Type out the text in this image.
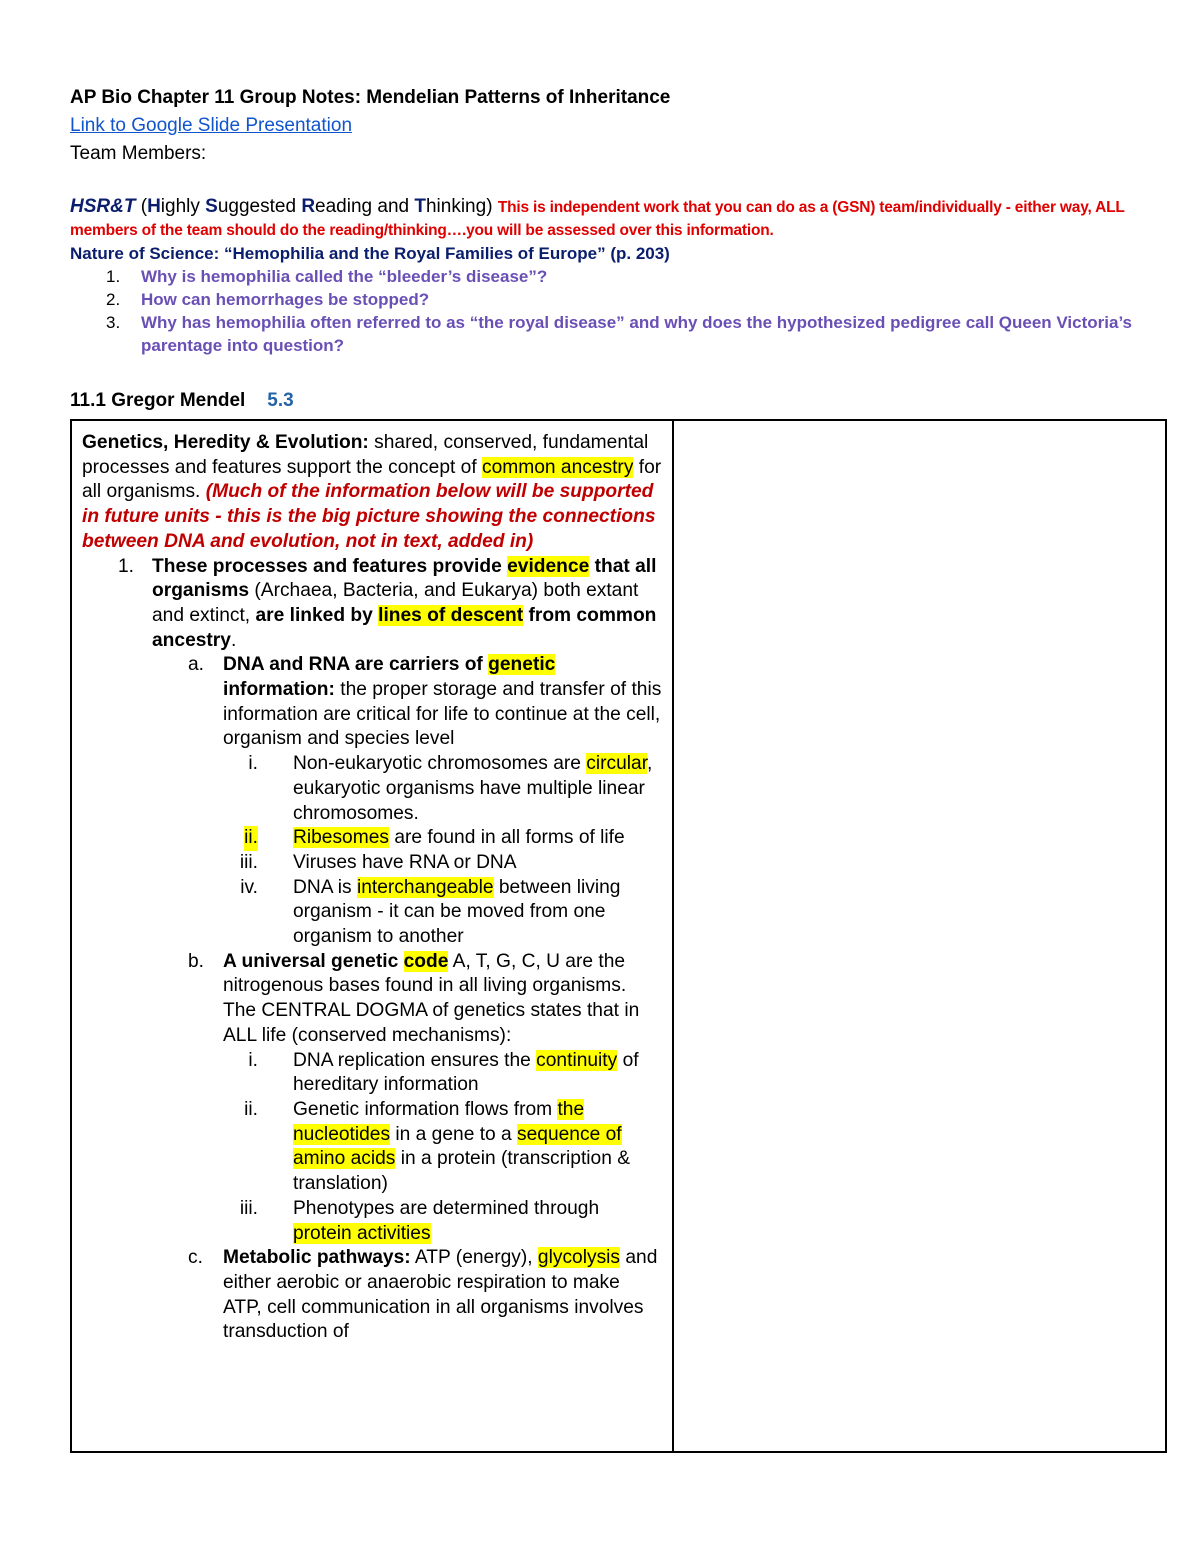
AP Bio Chapter 11 Group Notes: Mendelian Patterns of Inheritance
Link to Google Slide Presentation
Team Members:
HSR&T (Highly Suggested Reading and Thinking) This is independent work that you can do as a (GSN) team/individually - either way, ALL members of the team should do the reading/thinking….you will be assessed over this information.
Nature of Science: “Hemophilia and the Royal Families of Europe” (p. 203)
1. Why is hemophilia called the “bleeder’s disease”?
2. How can hemorrhages be stopped?
3. Why has hemophilia often referred to as “the royal disease” and why does the hypothesized pedigree call Queen Victoria’s parentage into question?
11.1 Gregor Mendel 5.3
Genetics, Heredity & Evolution: shared, conserved, fundamental processes and features support the concept of common ancestry for all organisms. (Much of the information below will be supported in future units - this is the big picture showing the connections between DNA and evolution, not in text, added in)
1. These processes and features provide evidence that all organisms (Archaea, Bacteria, and Eukarya) both extant and extinct, are linked by lines of descent from common ancestry.
a. DNA and RNA are carriers of genetic information: the proper storage and transfer of this information are critical for life to continue at the cell, organism and species level
i. Non-eukaryotic chromosomes are circular, eukaryotic organisms have multiple linear chromosomes.
ii. Ribesomes are found in all forms of life
iii. Viruses have RNA or DNA
iv. DNA is interchangeable between living organism - it can be moved from one organism to another
b. A universal genetic code A, T, G, C, U are the nitrogenous bases found in all living organisms. The CENTRAL DOGMA of genetics states that in ALL life (conserved mechanisms):
i. DNA replication ensures the continuity of hereditary information
ii. Genetic information flows from the nucleotides in a gene to a sequence of amino acids in a protein (transcription & translation)
iii. Phenotypes are determined through protein activities
c. Metabolic pathways: ATP (energy), glycolysis and either aerobic or anaerobic respiration to make ATP, cell communication in all organisms involves transduction of
